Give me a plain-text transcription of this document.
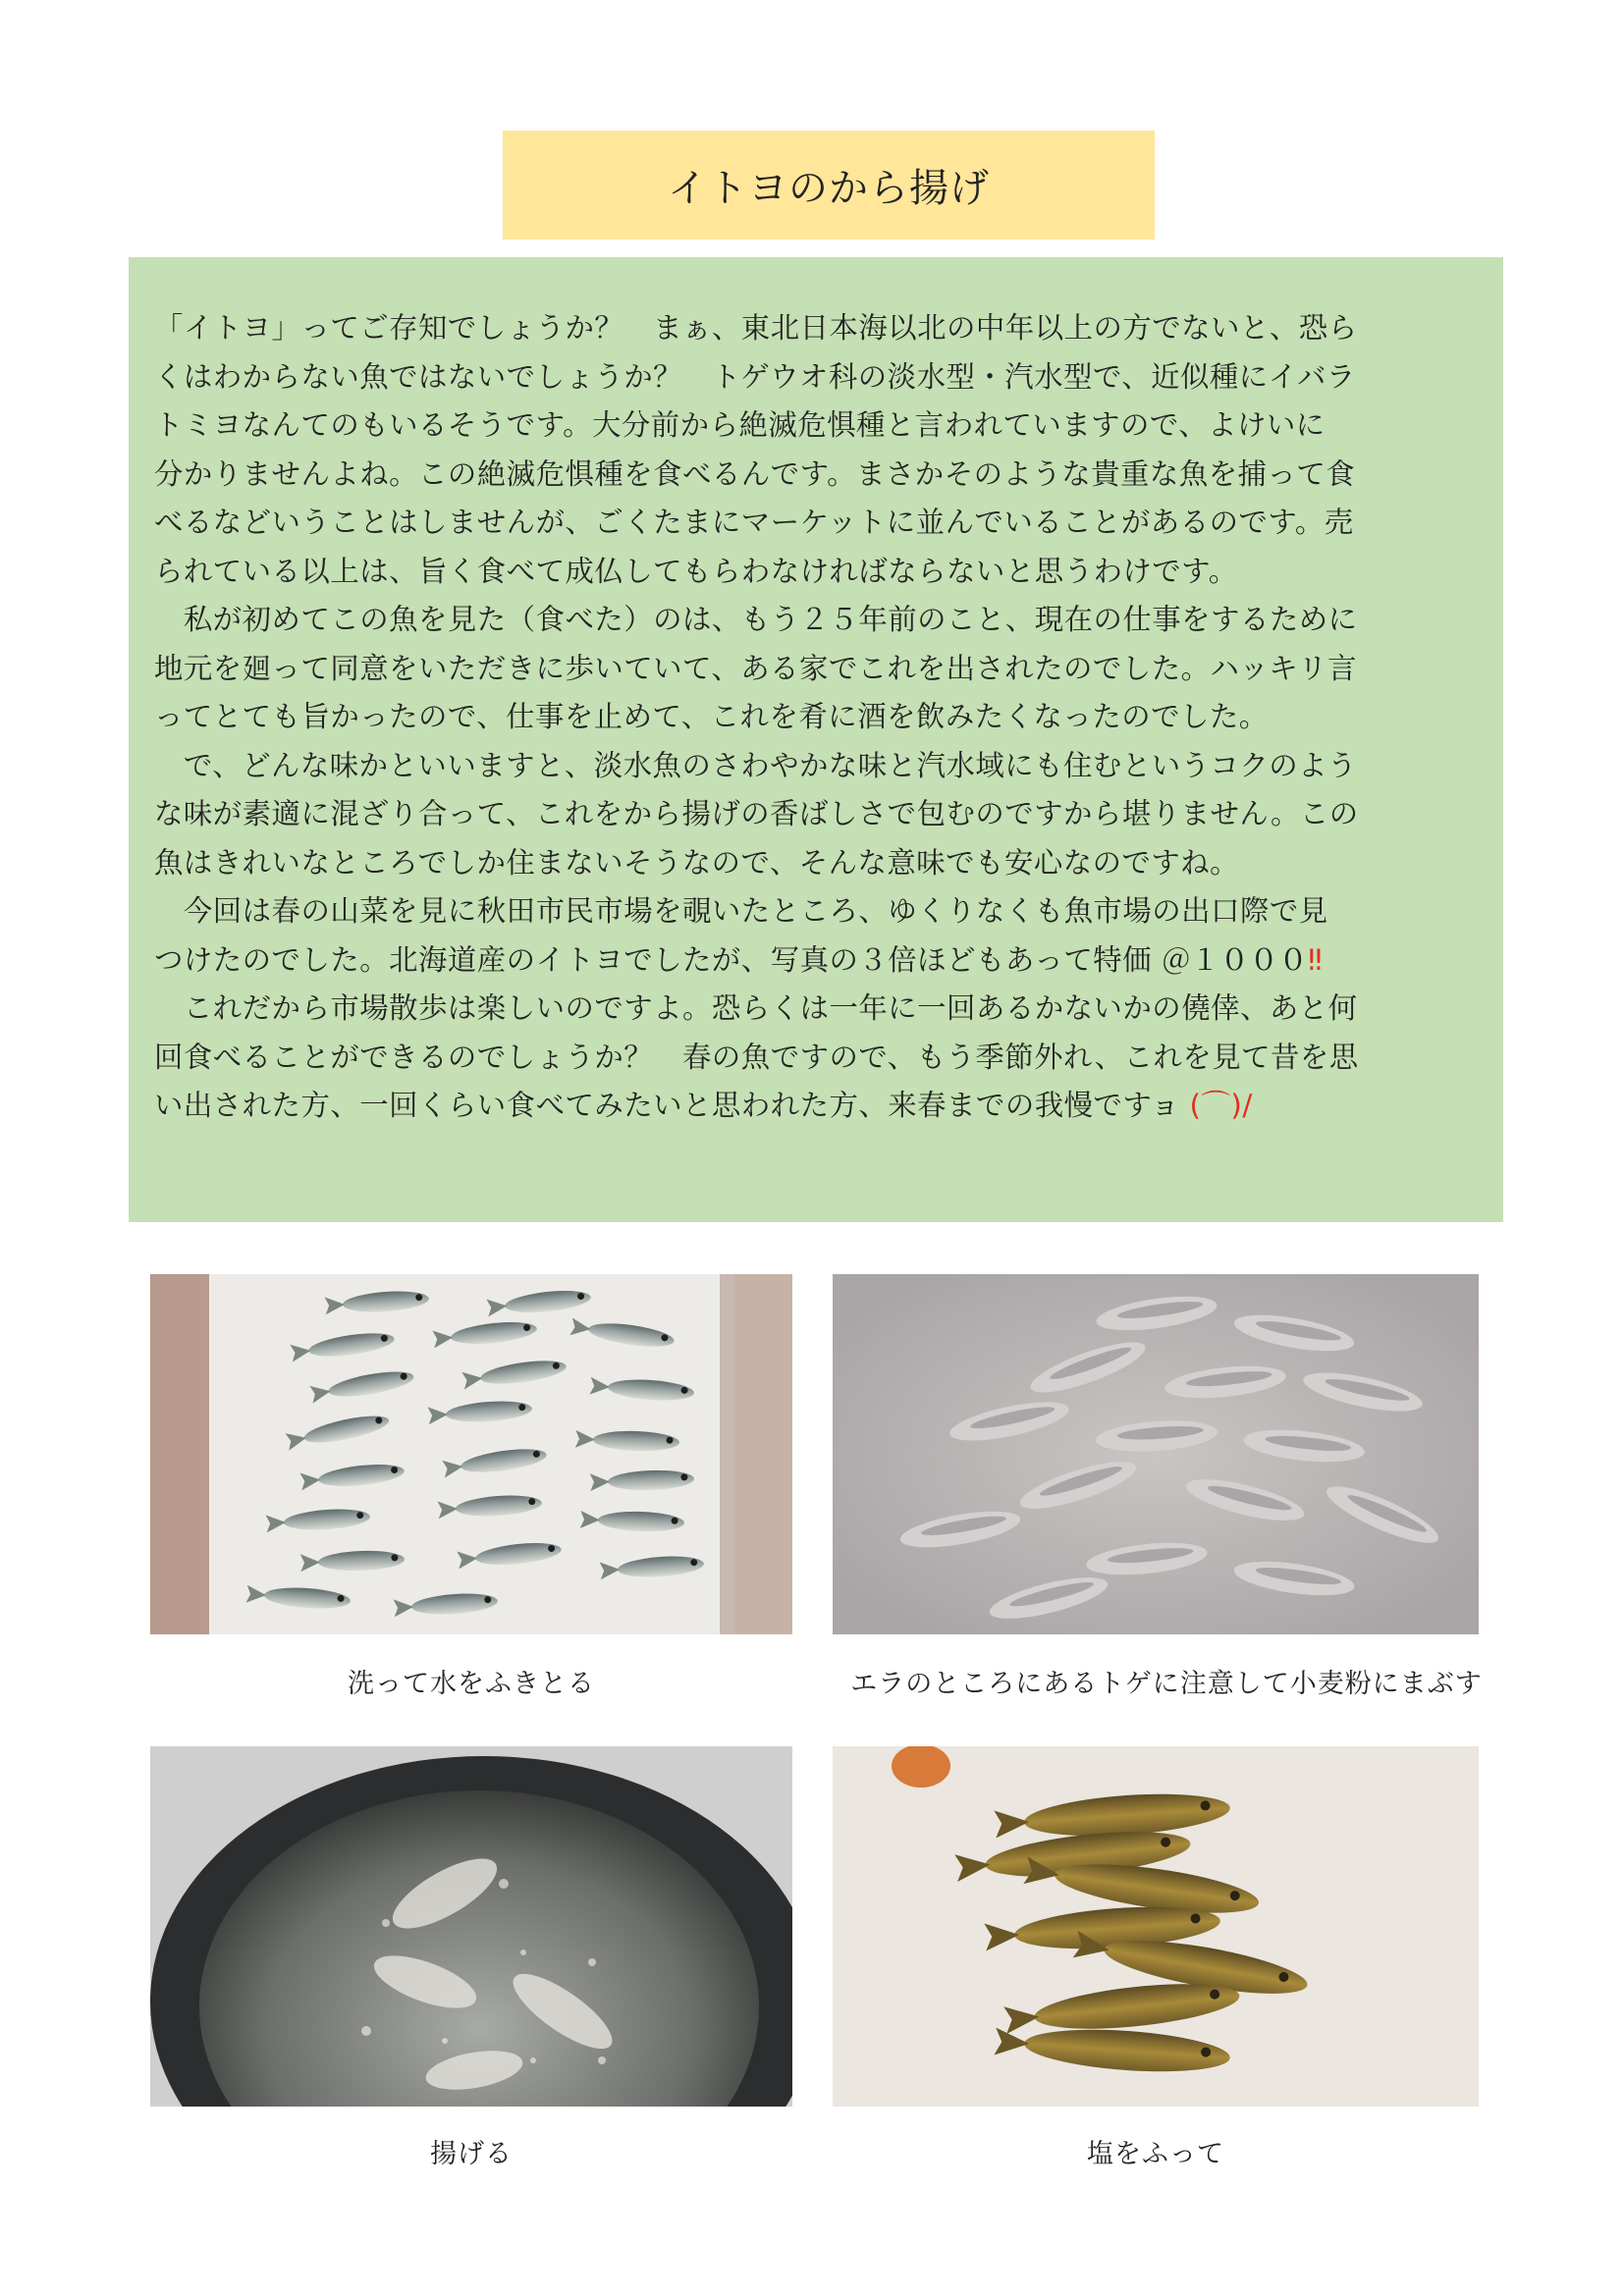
イトヨのから揚げ
「イトヨ」ってご存知でしょうか？　まぁ、東北日本海以北の中年以上の方でないと、恐ら
くはわからない魚ではないでしょうか？　トゲウオ科の淡水型・汽水型で、近似種にイバラ
トミヨなんてのもいるそうです。大分前から絶滅危惧種と言われていますので、よけいに
分かりませんよね。この絶滅危惧種を食べるんです。まさかそのような貴重な魚を捕って食
べるなどいうことはしませんが、ごくたまにマーケットに並んでいることがあるのです。売
られている以上は、旨く食べて成仏してもらわなければならないと思うわけです。
　私が初めてこの魚を見た（食べた）のは、もう２５年前のこと、現在の仕事をするために
地元を廻って同意をいただきに歩いていて、ある家でこれを出されたのでした。ハッキリ言
ってとても旨かったので、仕事を止めて、これを肴に酒を飲みたくなったのでした。
　で、どんな味かといいますと、淡水魚のさわやかな味と汽水域にも住むというコクのよう
な味が素適に混ざり合って、これをから揚げの香ばしさで包むのですから堪りません。この
魚はきれいなところでしか住まないそうなので、そんな意味でも安心なのですね。
　今回は春の山菜を見に秋田市民市場を覗いたところ、ゆくりなくも魚市場の出口際で見
つけたのでした。北海道産のイトヨでしたが、写真の３倍ほどもあって特価 ＠１０００‼
　これだから市場散歩は楽しいのですよ。恐らくは一年に一回あるかないかの僥倖、あと何
回食べることができるのでしょうか？　春の魚ですので、もう季節外れ、これを見て昔を思
い出された方、一回くらい食べてみたいと思われた方、来春までの我慢ですョ (⌒)/
洗って水をふきとる	エラのところにあるトゲに注意して小麦粉にまぶす
揚げる	塩をふって
